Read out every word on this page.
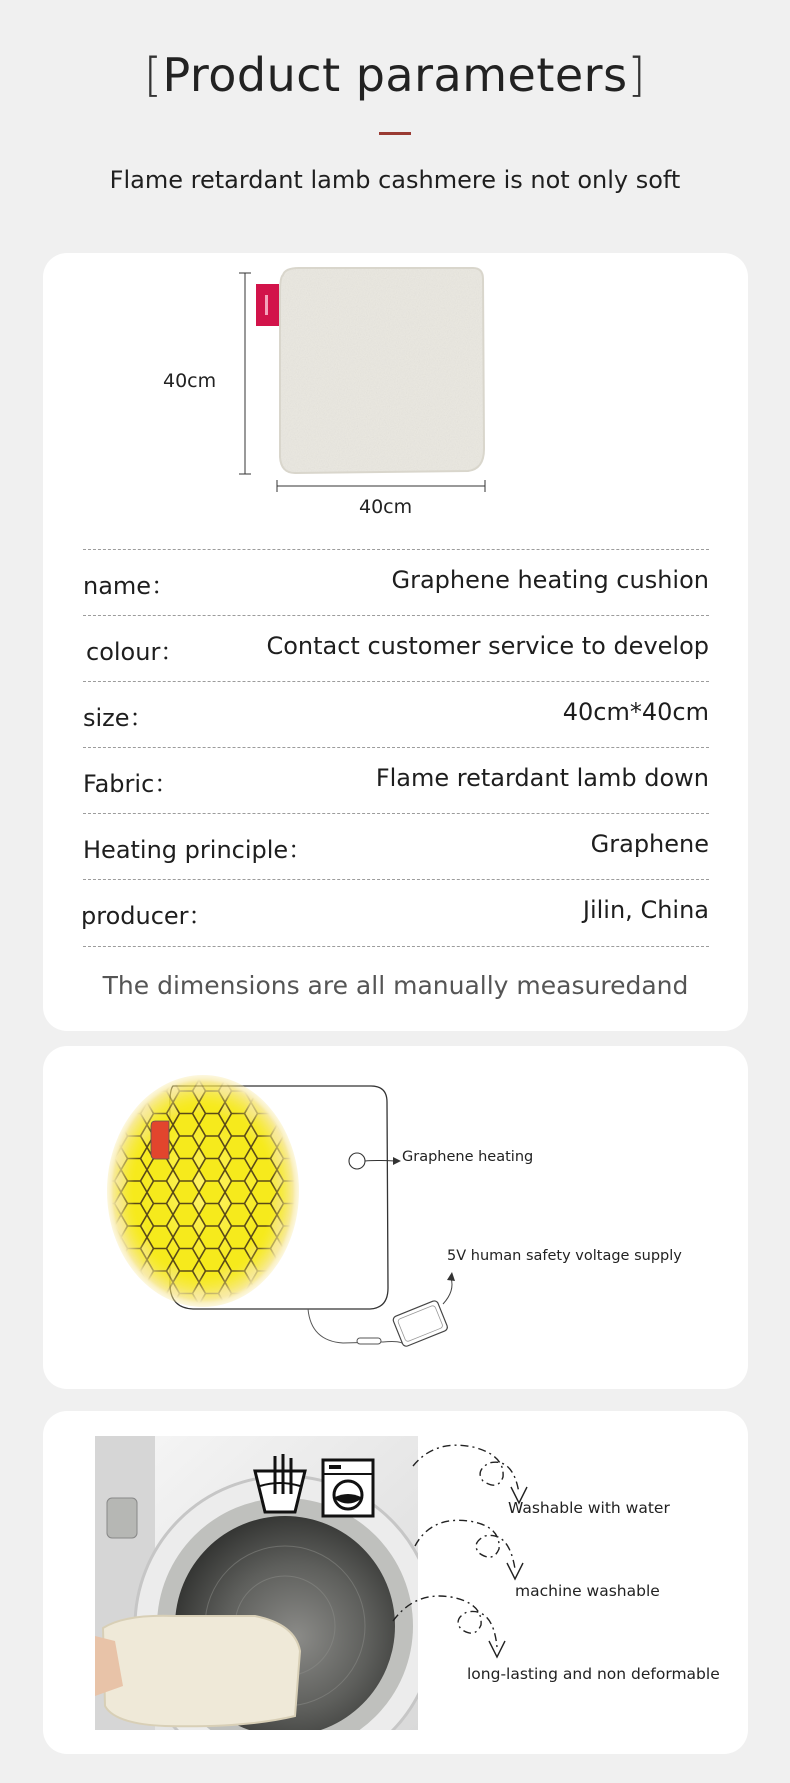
[Product parameters]
Flame retardant lamb cashmere is not only soft
40cm
40cm
name：	Graphene heating cushion
colour：	Contact customer service to develop
size：	40cm*40cm
Fabric：	Flame retardant lamb down
Heating principle：	Graphene
producer：	Jilin, China
The dimensions are all manually measuredand
Graphene heating
5V human safety voltage supply
Washable with water
machine washable
long-lasting and non deformable
